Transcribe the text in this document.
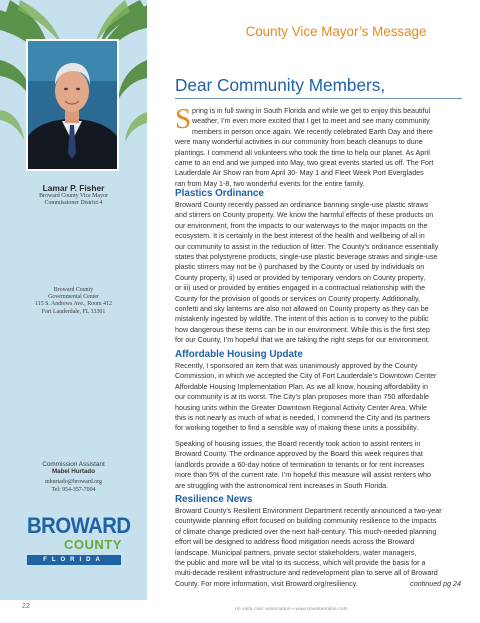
Lamar P. Fisher
Broward County Vice Mayor
Commissioner District 4
Broward County
Governmental Center
115 S. Andrews Ave., Room 412
Fort Lauderdale, FL 33301
Commission Assistant
Mabel Hurtado
mhurtado@broward.org
Tel: 954-357-7004
BROWARD
COUNTY
FLORIDA
County Vice Mayor’s Message
Dear Community Members,
S pring is in full swing in South Florida and while we get to enjoy this beautiful
weather, I’m even more excited that I get to meet and see many community
members in person once again. We recently celebrated Earth Day and there
were many wonderful activities in our community from beach cleanups to dune
plantings. I commend all volunteers who took the time to help our planet. As April
came to an end and we jumped into May, two great events started us off. The Fort
Lauderdale Air Show ran from April 30- May 1 and Fleet Week Port Everglades
ran from May 1-8, two wonderful events for the entire family.
Plastics Ordinance
Broward County recently passed an ordinance banning single-use plastic straws
and stirrers on County property. We know the harmful effects of these products on
our environment, from the impacts to our waterways to the major impacts on the
ecosystem. It is certainly in the best interest of the health and wellbeing of all in
our community to assist in the reduction of litter. The County’s ordinance essentially
states that polystyrene products, single-use plastic beverage straws and single-use
plastic stirrers may not be i) purchased by the County or used by individuals on
County property, ii) used or provided by temporary vendors on County property,
or iii) used or provided by entities engaged in a contractual relationship with the
County for the provision of goods or services on County property. Additionally,
confetti and sky lanterns are also not allowed on County property as they can be
mistakenly ingested by wildlife. The intent of this action is to convey to the public
how dangerous these items can be in our environment. While this is the first step
for our County, I’m hopeful that we are taking the right steps for our environment.
Affordable Housing Update
Recently, I sponsored an item that was unanimously approved by the County
Commission, in which we accepted the City of Fort Lauderdale’s Downtown Center
Affordable Housing Implementation Plan. As we all know, housing affordability in
our community is at its worst. The City’s plan proposes more than 750 affordable
housing units within the Greater Downtown Regional Activity Center Area. While
this is not nearly as much of what is needed, I commend the City and its partners
for working together to find a sensible way of making these units a possibility.
Speaking of housing issues, the Board recently took action to assist renters in
Broward County. The ordinance approved by the Board this week requires that
landlords provide a 60-day notice of termination to tenants or for rent increases
more than 5% of the current rate. I’m hopeful this measure will assist renters who
are struggling with the astronomical rent increases in South Florida.
Resilience News
Broward County’s Resilient Environment Department recently announced a two-year
countywide planning effort focused on building community resilience to the impacts
of climate change predicted over the next half-century. This much-needed planning
effort will be designed to address flood mitigation needs across the Broward
landscape. Municipal partners, private sector stakeholders, water managers,
the public and more will be vital to its success, which will provide the basis for a
multi-decade resilient infrastructure and redevelopment plan to serve all of Broward
County. For more information, visit Broward.org/resiliency.	continued pg 24
22	rio vista civic association • www.riovistaonline.com
